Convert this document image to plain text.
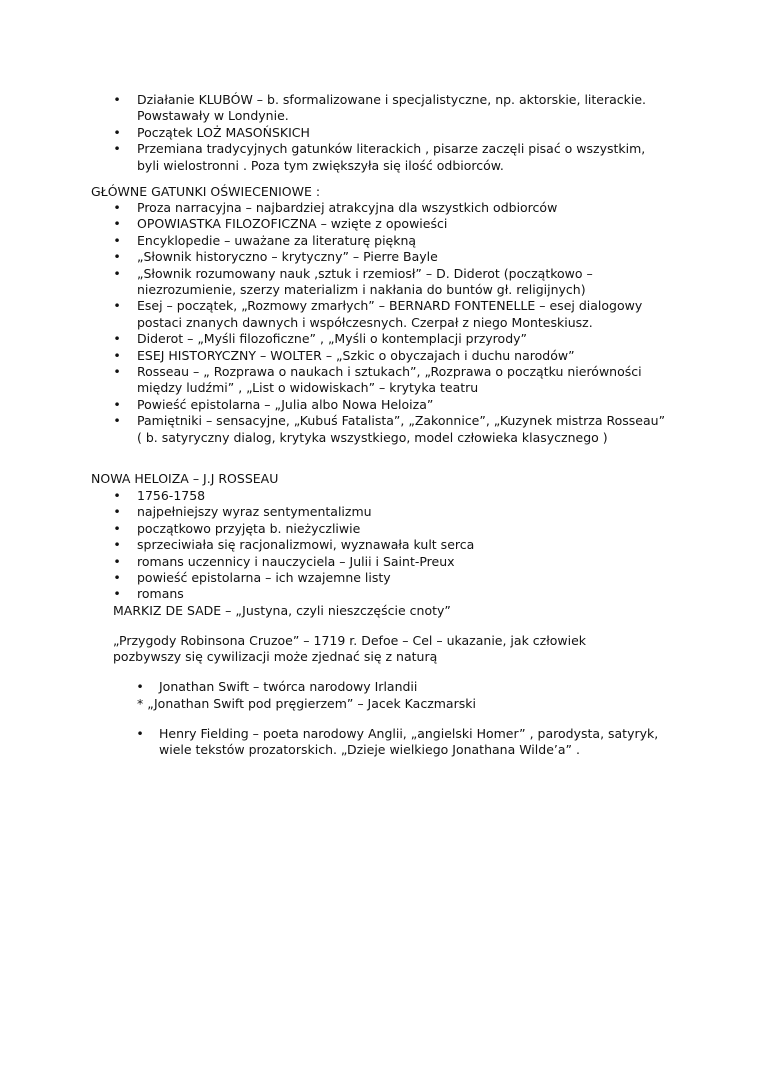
• Działanie KLUBÓW – b. sformalizowane i specjalistyczne, np. aktorskie, literackie. Powstawały w Londynie.
• Początek LOŻ MASOŃSKICH
• Przemiana tradycyjnych gatunków literackich , pisarze zaczęli pisać o wszystkim, byli wielostronni . Poza tym zwiększyła się ilość odbiorców.
GŁÓWNE GATUNKI OŚWIECENIOWE :
• Proza narracyjna – najbardziej atrakcyjna dla wszystkich odbiorców
• OPOWIASTKA FILOZOFICZNA – wzięte z opowieści
• Encyklopedie – uważane za literaturę piękną
• „Słownik historyczno – krytyczny” – Pierre Bayle
• „Słownik rozumowany nauk ,sztuk i rzemiosł” – D. Diderot (początkowo – niezrozumienie, szerzy materializm i nakłania do buntów gł. religijnych)
• Esej – początek, „Rozmowy zmarłych” – BERNARD FONTENELLE – esej dialogowy postaci znanych dawnych i współczesnych. Czerpał z niego Monteskiusz.
• Diderot – „Myśli filozoficzne” , „Myśli o kontemplacji przyrody”
• ESEJ HISTORYCZNY – WOLTER – „Szkic o obyczajach i duchu narodów”
• Rosseau – „ Rozprawa o naukach i sztukach”, „Rozprawa o początku nierówności między ludźmi” , „List o widowiskach” – krytyka teatru
• Powieść epistolarna – „Julia albo Nowa Heloiza”
• Pamiętniki – sensacyjne, „Kubuś Fatalista”, „Zakonnice”, „Kuzynek mistrza Rosseau” ( b. satyryczny dialog, krytyka wszystkiego, model człowieka klasycznego )
NOWA HELOIZA – J.J ROSSEAU
• 1756-1758
• najpełniejszy wyraz sentymentalizmu
• początkowo przyjęta b. nieżyczliwie
• sprzeciwiała się racjonalizmowi, wyznawała kult serca
• romans uczennicy i nauczyciela – Julii i Saint-Preux
• powieść epistolarna – ich wzajemne listy
• romans
MARKIZ DE SADE – „Justyna, czyli nieszczęście cnoty”
„Przygody Robinsona Cruzoe” – 1719 r. Defoe – Cel – ukazanie, jak człowiek pozbywszy się cywilizacji może zjednać się z naturą
• Jonathan Swift – twórca narodowy Irlandii
* „Jonathan Swift pod pręgierzem” – Jacek Kaczmarski
• Henry Fielding – poeta narodowy Anglii, „angielski Homer” , parodysta, satyryk, wiele tekstów prozatorskich. „Dzieje wielkiego Jonathana Wilde’a” .
